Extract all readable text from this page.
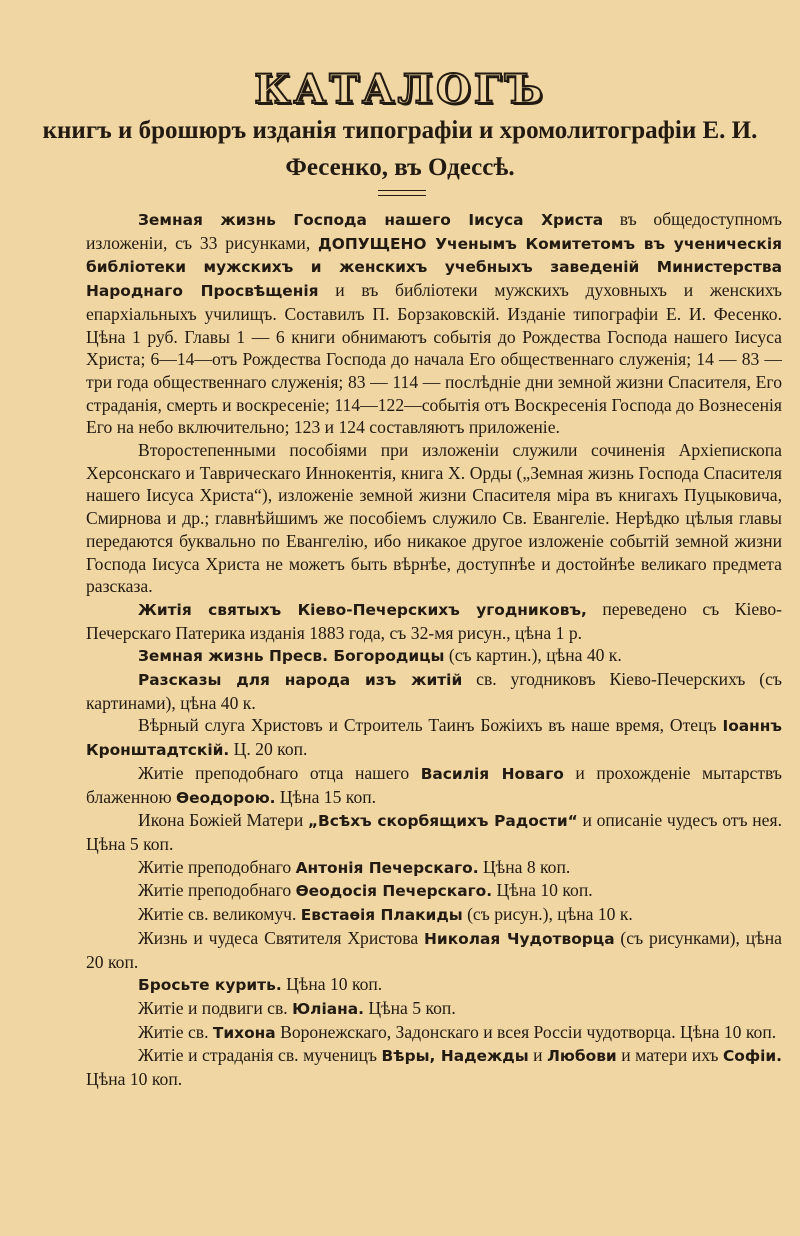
КАТАЛОГЪ
книгъ и брошюръ изданія типографіи и хромолитографіи Е. И. Фесенко, въ Одессѣ.

Земная жизнь Господа нашего Іисуса Христа въ общедоступномъ изложеніи, съ 33 рисунками, ДОПУЩЕНО Ученымъ Комитетомъ въ ученическія библіотеки мужскихъ и женскихъ учебныхъ заведеній Министерства Народнаго Просвѣщенія и въ библіотеки мужскихъ духовныхъ и женскихъ епархіальныхъ училищъ. Составилъ П. Борзаковскій. Изданіе типографіи Е. И. Фесенко. Цѣна 1 руб. Главы 1 — 6 книги обнимаютъ событія до Рождества Господа нашего Іисуса Христа; 6—14—отъ Рождества Господа до начала Его общественнаго служенія; 14 — 83 — три года общественнаго служенія; 83 — 114 — послѣдніе дни земной жизни Спасителя, Его страданія, смерть и воскресеніе; 114—122—событія отъ Воскресенія Господа до Вознесенія Его на небо включительно; 123 и 124 составляютъ приложеніе.

Второстепенными пособіями при изложеніи служили сочиненія Архіепископа Херсонскаго и Таврическаго Иннокентія, книга Х. Орды („Земная жизнь Господа Спасителя нашего Іисуса Христа“), изложеніе земной жизни Спасителя міра въ книгахъ Пуцыковича, Смирнова и др.; главнѣйшимъ же пособіемъ служило Св. Евангеліе. Нерѣдко цѣлыя главы передаются буквально по Евангелію, ибо никакое другое изложеніе событій земной жизни Господа Іисуса Христа не можетъ быть вѣрнѣе, доступнѣе и достойнѣе великаго предмета разсказа.

Житія святыхъ Кіево-Печерскихъ угодниковъ, переведено съ Кіево-Печерскаго Патерика изданія 1883 года, съ 32-мя рисун., цѣна 1 р.

Земная жизнь Пресв. Богородицы (съ картин.), цѣна 40 к.

Разсказы для народа изъ житій св. угодниковъ Кіево-Печерскихъ (съ картинами), цѣна 40 к.

Вѣрный слуга Христовъ и Строитель Таинъ Божіихъ въ наше время, Отецъ Іоаннъ Кронштадтскій. Ц. 20 коп.

Житіе преподобнаго отца нашего Василія Новаго и прохожденіе мытарствъ блаженною Ѳеодорою. Цѣна 15 коп.

Икона Божіей Матери „Всѣхъ скорбящихъ Радости“ и описаніе чудесъ отъ нея. Цѣна 5 коп.

Житіе преподобнаго Антонія Печерскаго. Цѣна 8 коп.

Житіе преподобнаго Ѳеодосія Печерскаго. Цѣна 10 коп.

Житіе св. великомуч. Евстаѳія Плакиды (съ рисун.), цѣна 10 к.

Жизнь и чудеса Святителя Христова Николая Чудотворца (съ рисунками), цѣна 20 коп.

Бросьте курить. Цѣна 10 коп.

Житіе и подвиги св. Юліана. Цѣна 5 коп.

Житіе св. Тихона Воронежскаго, Задонскаго и всея Россіи чудотворца. Цѣна 10 коп.

Житіе и страданія св. мученицъ Вѣры, Надежды и Любови и матери ихъ Софіи. Цѣна 10 коп.
